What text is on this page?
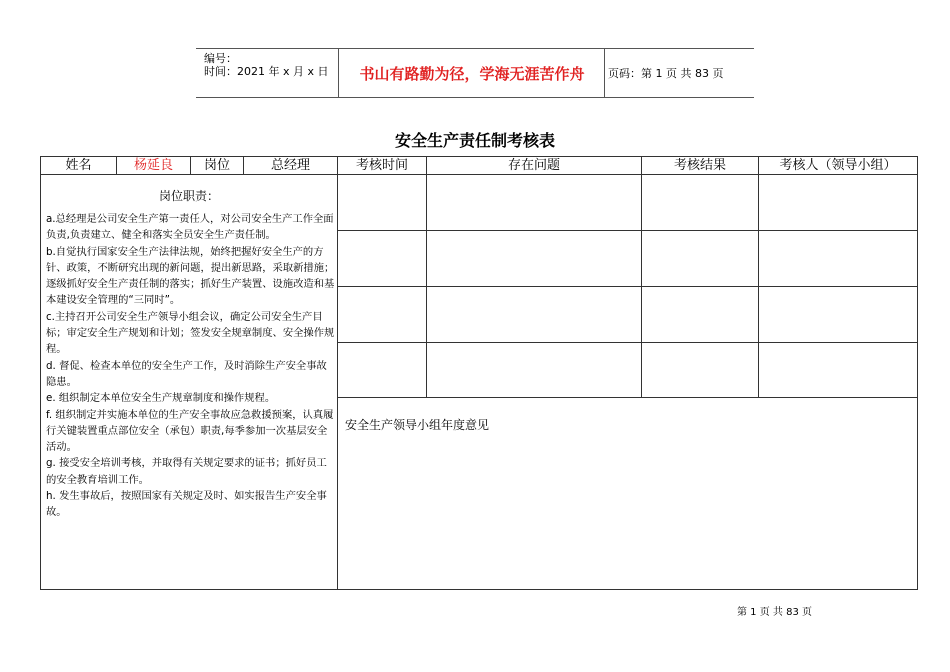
编号：
时间：2021 年 x 月 x 日	书山有路勤为径，学海无涯苦作舟	页码：第 1 页 共 83 页
安全生产责任制考核表
姓名	杨延良	岗位	总经理	考核时间	存在问题	考核结果	考核人（领导小组）
岗位职责：

a.总经理是公司安全生产第一责任人，对公司安全生产工作全面负责,负责建立、健全和落实全员安全生产责任制。

b.自觉执行国家安全生产法律法规，始终把握好安全生产的方针、政策，不断研究出现的新问题，提出新思路，采取新措施；逐级抓好安全生产责任制的落实；抓好生产装置、设施改造和基本建设安全管理的“三同时”。

c.主持召开公司安全生产领导小组会议，确定公司安全生产目标；审定安全生产规划和计划；签发安全规章制度、安全操作规程。

d. 督促、检查本单位的安全生产工作，及时消除生产安全事故隐患。

e. 组织制定本单位安全生产规章制度和操作规程。

f. 组织制定并实施本单位的生产安全事故应急救援预案，认真履行关键装置重点部位安全（承包）职责,每季参加一次基层安全活动。

g. 接受安全培训考核，并取得有关规定要求的证书；抓好员工的安全教育培训工作。

h. 发生事故后，按照国家有关规定及时、如实报告生产安全事故。

安全生产领导小组年度意见
第 1 页 共 83 页
